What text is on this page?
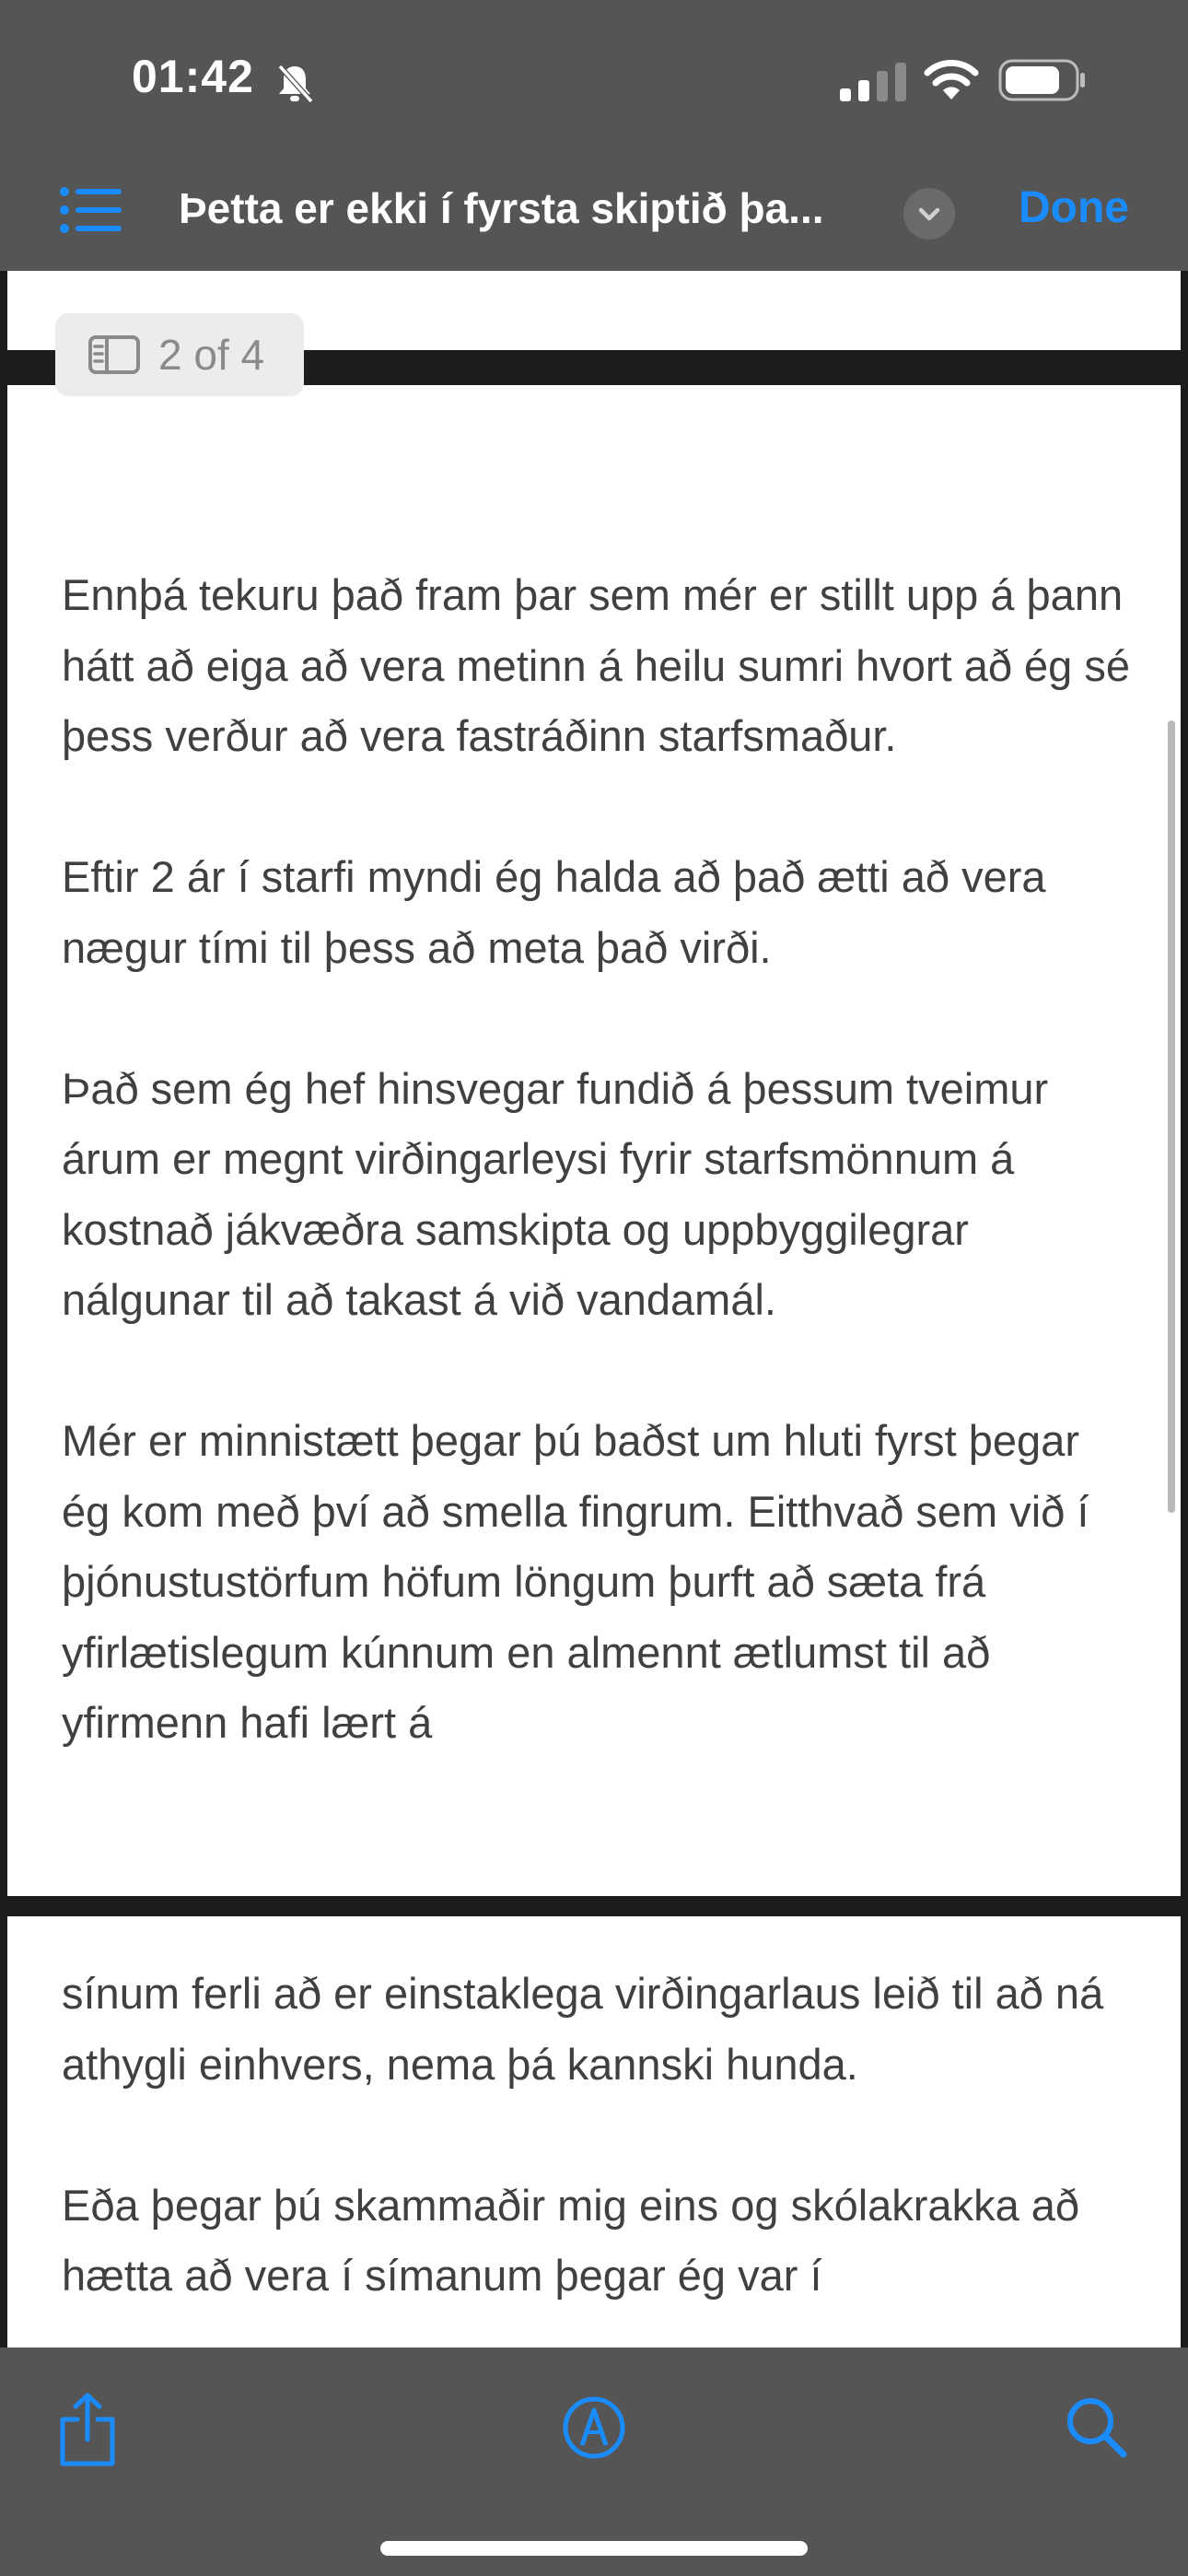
01:42
Þetta er ekki í fyrsta skiptið þa...	Done

Ennþá tekuru það fram þar sem mér er stillt upp á þann hátt að eiga að vera metinn á heilu sumri hvort að ég sé þess verður að vera fastráðinn starfsmaður.

Eftir 2 ár í starfi myndi ég halda að það ætti að vera nægur tími til þess að meta það virði.

Það sem ég hef hinsvegar fundið á þessum tveimur árum er megnt virðingarleysi fyrir starfsmönnum á kostnað jákvæðra samskipta og uppbyggilegrar nálgunar til að takast á við vandamál.

Mér er minnistætt þegar þú baðst um hluti fyrst þegar ég kom með því að smella fingrum. Eitthvað sem við í þjónustustörfum höfum löngum þurft að sæta frá yfirlætislegum kúnnum en almennt ætlumst til að yfirmenn hafi lært á

sínum ferli að er einstaklega virðingarlaus leið til að ná athygli einhvers, nema þá kannski hunda.

Eða þegar þú skammaðir mig eins og skólakrakka að hætta að vera í símanum þegar ég var í

2 of 4
